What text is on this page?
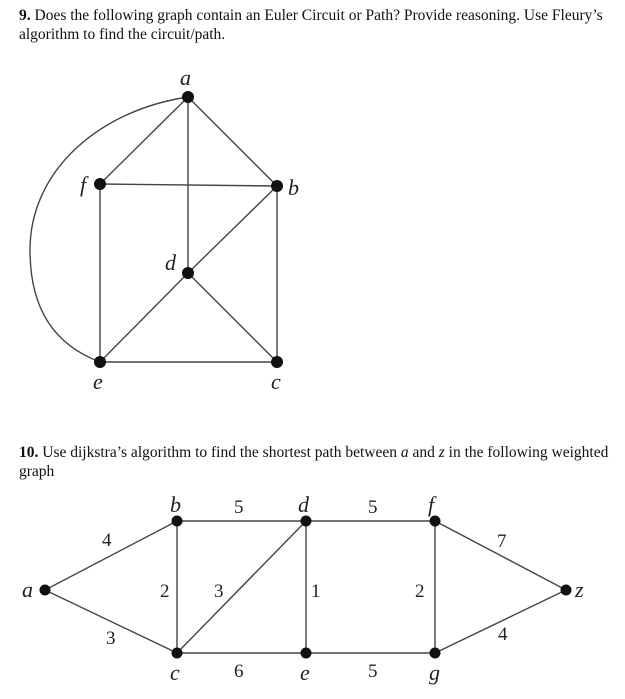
9. Does the following graph contain an Euler Circuit or Path? Provide reasoning. Use Fleury’s algorithm to find the circuit/path.
a
f	b
d
e	c
10. Use dijkstra’s algorithm to find the shortest path between a and z in the following weighted graph
a
b	d	f
c	e	g
z
4
3
5
2 3	1
6
5
5
2
7
4
